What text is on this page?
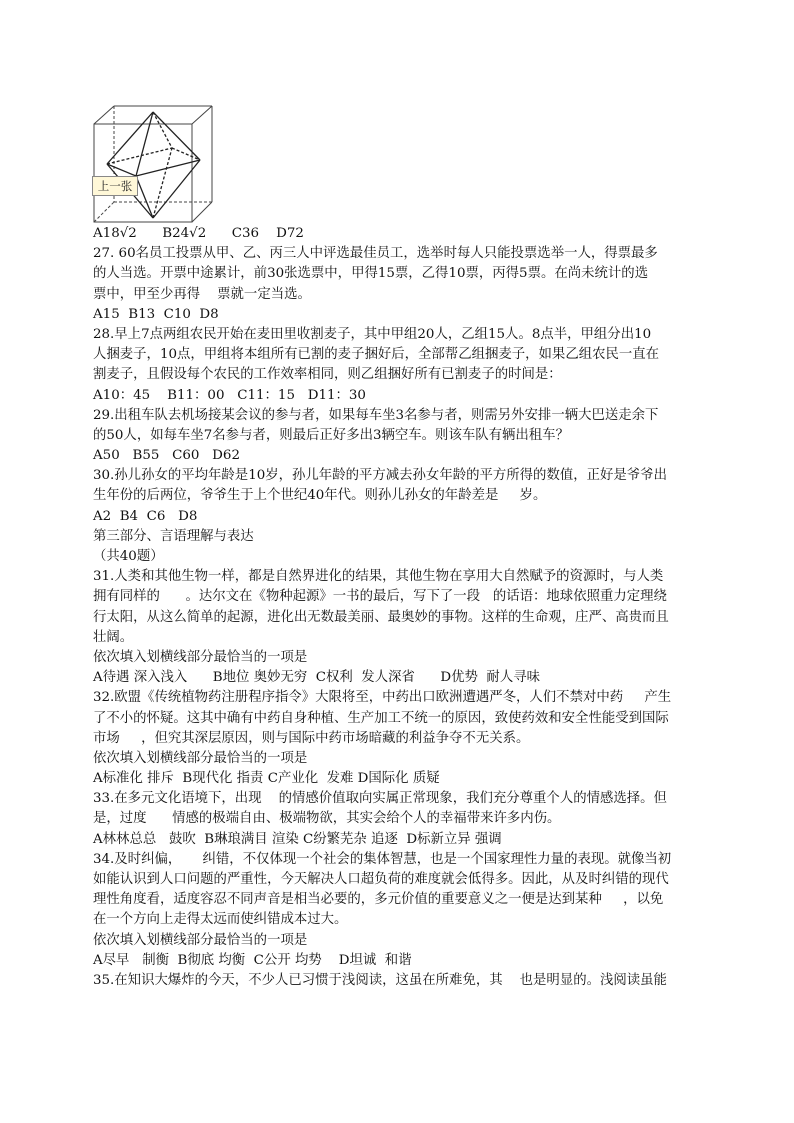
上一张
A18√2      B24√2      C36    D72
27. 60名员工投票从甲、乙、丙三人中评选最佳员工，选举时每人只能投票选举一人，得票最多
的人当选。开票中途累计，前30张选票中，甲得15票，乙得10票，丙得5票。在尚未统计的选
票中，甲至少再得    票就一定当选。
A15  B13  C10  D8
28.早上7点两组农民开始在麦田里收割麦子，其中甲组20人，乙组15人。8点半，甲组分出10
人捆麦子，10点，甲组将本组所有已割的麦子捆好后，全部帮乙组捆麦子，如果乙组农民一直在
割麦子，且假设每个农民的工作效率相同，则乙组捆好所有已割麦子的时间是：
A10：45    B11：00   C11：15   D11：30
29.出租车队去机场接某会议的参与者，如果每车坐3名参与者，则需另外安排一辆大巴送走余下
的50人，如每车坐7名参与者，则最后正好多出3辆空车。则该车队有辆出租车？
A50   B55   C60   D62
30.孙儿孙女的平均年龄是10岁，孙儿年龄的平方减去孙女年龄的平方所得的数值，正好是爷爷出
生年份的后两位，爷爷生于上个世纪40年代。则孙儿孙女的年龄差是     岁。
A2  B4  C6   D8
第三部分、言语理解与表达
（共40题）
31.人类和其他生物一样，都是自然界进化的结果，其他生物在享用大自然赋予的资源时，与人类
拥有同样的      。达尔文在《物种起源》一书的最后，写下了一段   的话语：地球依照重力定理绕
行太阳，从这么简单的起源，进化出无数最美丽、最奥妙的事物。这样的生命观，庄严、高贵而且
壮阔。
依次填入划横线部分最恰当的一项是
A待遇 深入浅入      B地位 奥妙无穷  C权利  发人深省      D优势  耐人寻味
32.欧盟《传统植物药注册程序指令》大限将至，中药出口欧洲遭遇严冬，人们不禁对中药     产生
了不小的怀疑。这其中确有中药自身种植、生产加工不统一的原因，致使药效和安全性能受到国际
市场     ，但究其深层原因，则与国际中药市场暗藏的利益争夺不无关系。
依次填入划横线部分最恰当的一项是
A标准化 排斥  B现代化 指责 C产业化  发难 D国际化 质疑
33.在多元文化语境下，出现    的情感价值取向实属正常现象，我们充分尊重个人的情感选择。但
是，过度      情感的极端自由、极端物欲，其实会给个人的幸福带来许多内伤。
A林林总总   鼓吹  B琳琅满目 渲染 C纷繁芜杂 追逐  D标新立异 强调
34.及时纠偏，     纠错，不仅体现一个社会的集体智慧，也是一个国家理性力量的表现。就像当初
如能认识到人口问题的严重性，今天解决人口超负荷的难度就会低得多。因此，从及时纠错的现代
理性角度看，适度容忍不同声音是相当必要的，多元价值的重要意义之一便是达到某种     ，以免
在一个方向上走得太远而使纠错成本过大。
依次填入划横线部分最恰当的一项是
A尽早   制衡  B彻底 均衡  C公开 均势    D坦诚  和谐
35.在知识大爆炸的今天，不少人已习惯于浅阅读，这虽在所难免，其    也是明显的。浅阅读虽能
